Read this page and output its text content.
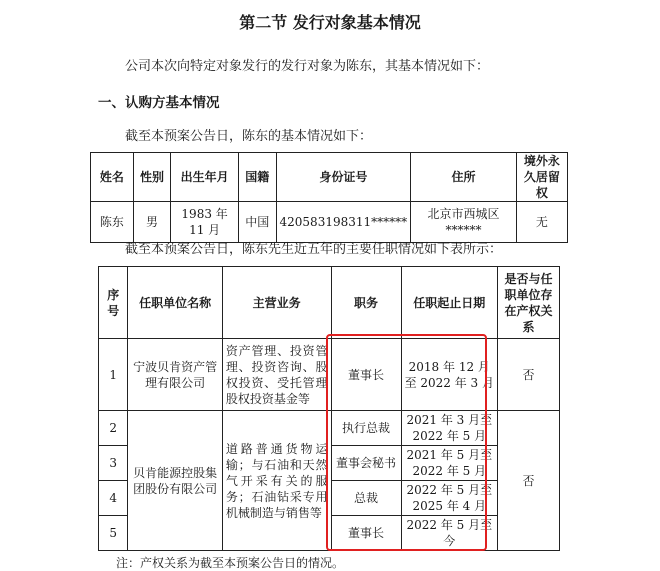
第二节 发行对象基本情况
公司本次向特定对象发行的发行对象为陈东，其基本情况如下：
一、认购方基本情况
截至本预案公告日，陈东的基本情况如下：
姓名	性别	出生年月	国籍	身份证号	住所	境外永久居留权
陈东	男	1983 年 11 月	中国	420583198311******	北京市西城区******	无
截至本预案公告日，陈东先生近五年的主要任职情况如下表所示：
序号	任职单位名称	主营业务	职务	任职起止日期	是否与任职单位存在产权关系
1	宁波贝肯资产管理有限公司	资产管理、投资管理、投资咨询、股权投资、受托管理股权投资基金等	董事长	2018 年 12 月至 2022 年 3 月	否
2	贝肯能源控股集团股份有限公司	道路普通货物运输；与石油和天然气开采有关的服务；石油钻采专用机械制造与销售等	执行总裁	2021 年 3 月至 2022 年 5 月	否
3			董事会秘书	2021 年 5 月至 2022 年 5 月	
4			总裁	2022 年 5 月至 2025 年 4 月	
5			董事长	2022 年 5 月至今	
注：产权关系为截至本预案公告日的情况。
